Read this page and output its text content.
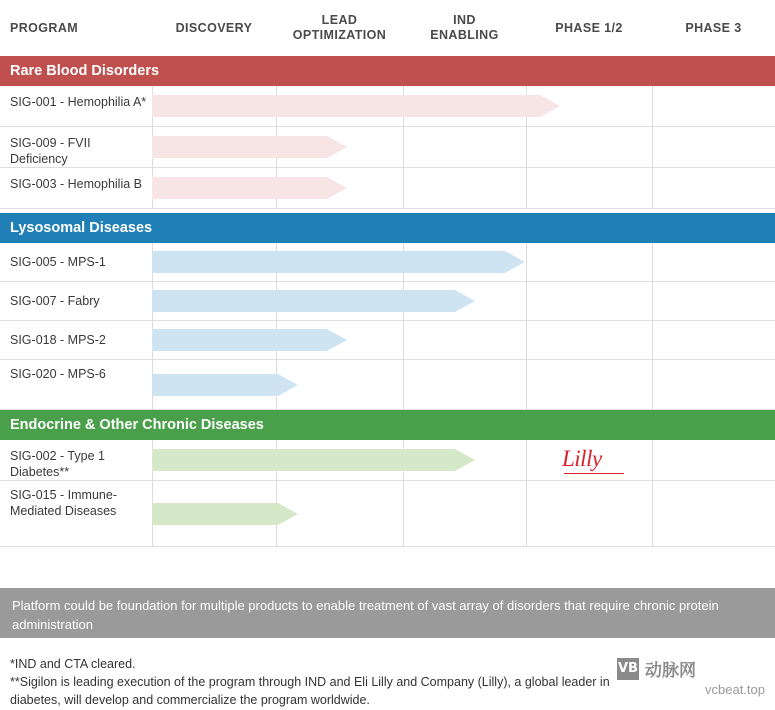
PROGRAM	DISCOVERY
LEAD
OPTIMIZATION
IND
ENABLING
PHASE 1/2	PHASE 3
Rare Blood Disorders
SIG-001 - Hemophilia A*
SIG-009 - FVII Deficiency
SIG-003 - Hemophilia B
Lysosomal Diseases
SIG-005 - MPS-1
SIG-007 - Fabry
SIG-018 - MPS-2
SIG-020 - MPS-6
Endocrine & Other Chronic Diseases
SIG-002 - Type 1 Diabetes**
Lilly
SIG-015 - Immune-Mediated Diseases
Platform could be foundation for multiple products to enable treatment of vast array of disorders that require chronic protein administration
*IND and CTA cleared.
**Sigilon is leading execution of the program through IND and Eli Lilly and Company (Lilly), a global leader in
diabetes, will develop and commercialize the program worldwide.
VB 动脉网
vcbeat.top
